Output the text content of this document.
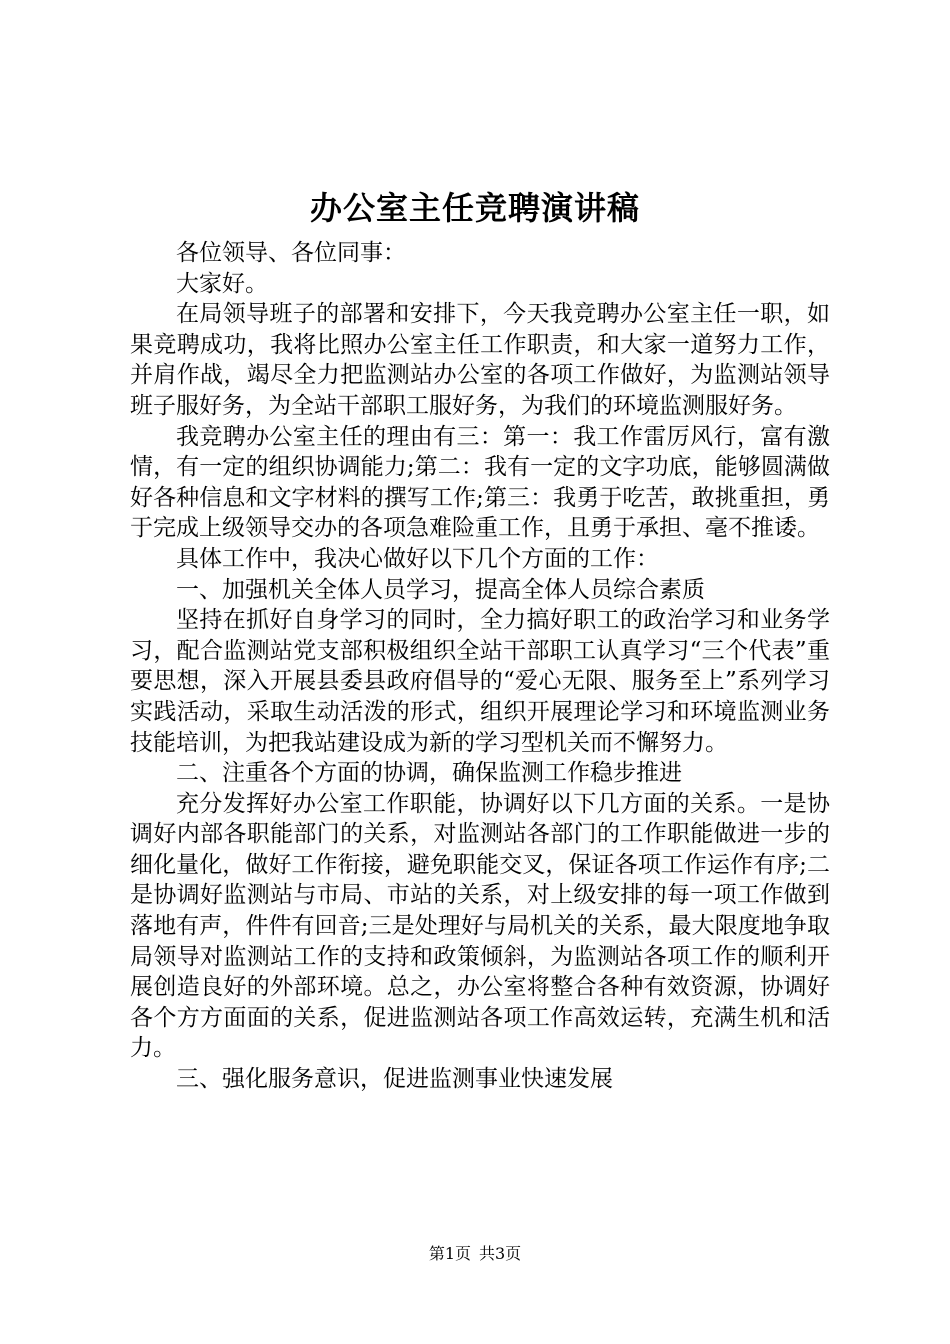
办公室主任竞聘演讲稿

各位领导、各位同事：

大家好。

在局领导班子的部署和安排下，今天我竞聘办公室主任一职，如果竞聘成功，我将比照办公室主任工作职责，和大家一道努力工作，并肩作战，竭尽全力把监测站办公室的各项工作做好，为监测站领导班子服好务，为全站干部职工服好务，为我们的环境监测服好务。

我竞聘办公室主任的理由有三：第一：我工作雷厉风行，富有激情，有一定的组织协调能力;第二：我有一定的文字功底，能够圆满做好各种信息和文字材料的撰写工作;第三：我勇于吃苦，敢挑重担，勇于完成上级领导交办的各项急难险重工作，且勇于承担、毫不推诿。

具体工作中，我决心做好以下几个方面的工作：

一、加强机关全体人员学习，提高全体人员综合素质

坚持在抓好自身学习的同时，全力搞好职工的政治学习和业务学习，配合监测站党支部积极组织全站干部职工认真学习“三个代表”重要思想，深入开展县委县政府倡导的“爱心无限、服务至上”系列学习实践活动，采取生动活泼的形式，组织开展理论学习和环境监测业务技能培训，为把我站建设成为新的学习型机关而不懈努力。

二、注重各个方面的协调，确保监测工作稳步推进

充分发挥好办公室工作职能，协调好以下几方面的关系。一是协调好内部各职能部门的关系，对监测站各部门的工作职能做进一步的细化量化，做好工作衔接，避免职能交叉，保证各项工作运作有序;二是协调好监测站与市局、市站的关系，对上级安排的每一项工作做到落地有声，件件有回音;三是处理好与局机关的关系，最大限度地争取局领导对监测站工作的支持和政策倾斜，为监测站各项工作的顺利开展创造良好的外部环境。总之，办公室将整合各种有效资源，协调好各个方方面面的关系，促进监测站各项工作高效运转，充满生机和活力。

三、强化服务意识，促进监测事业快速发展

第1页 共3页
